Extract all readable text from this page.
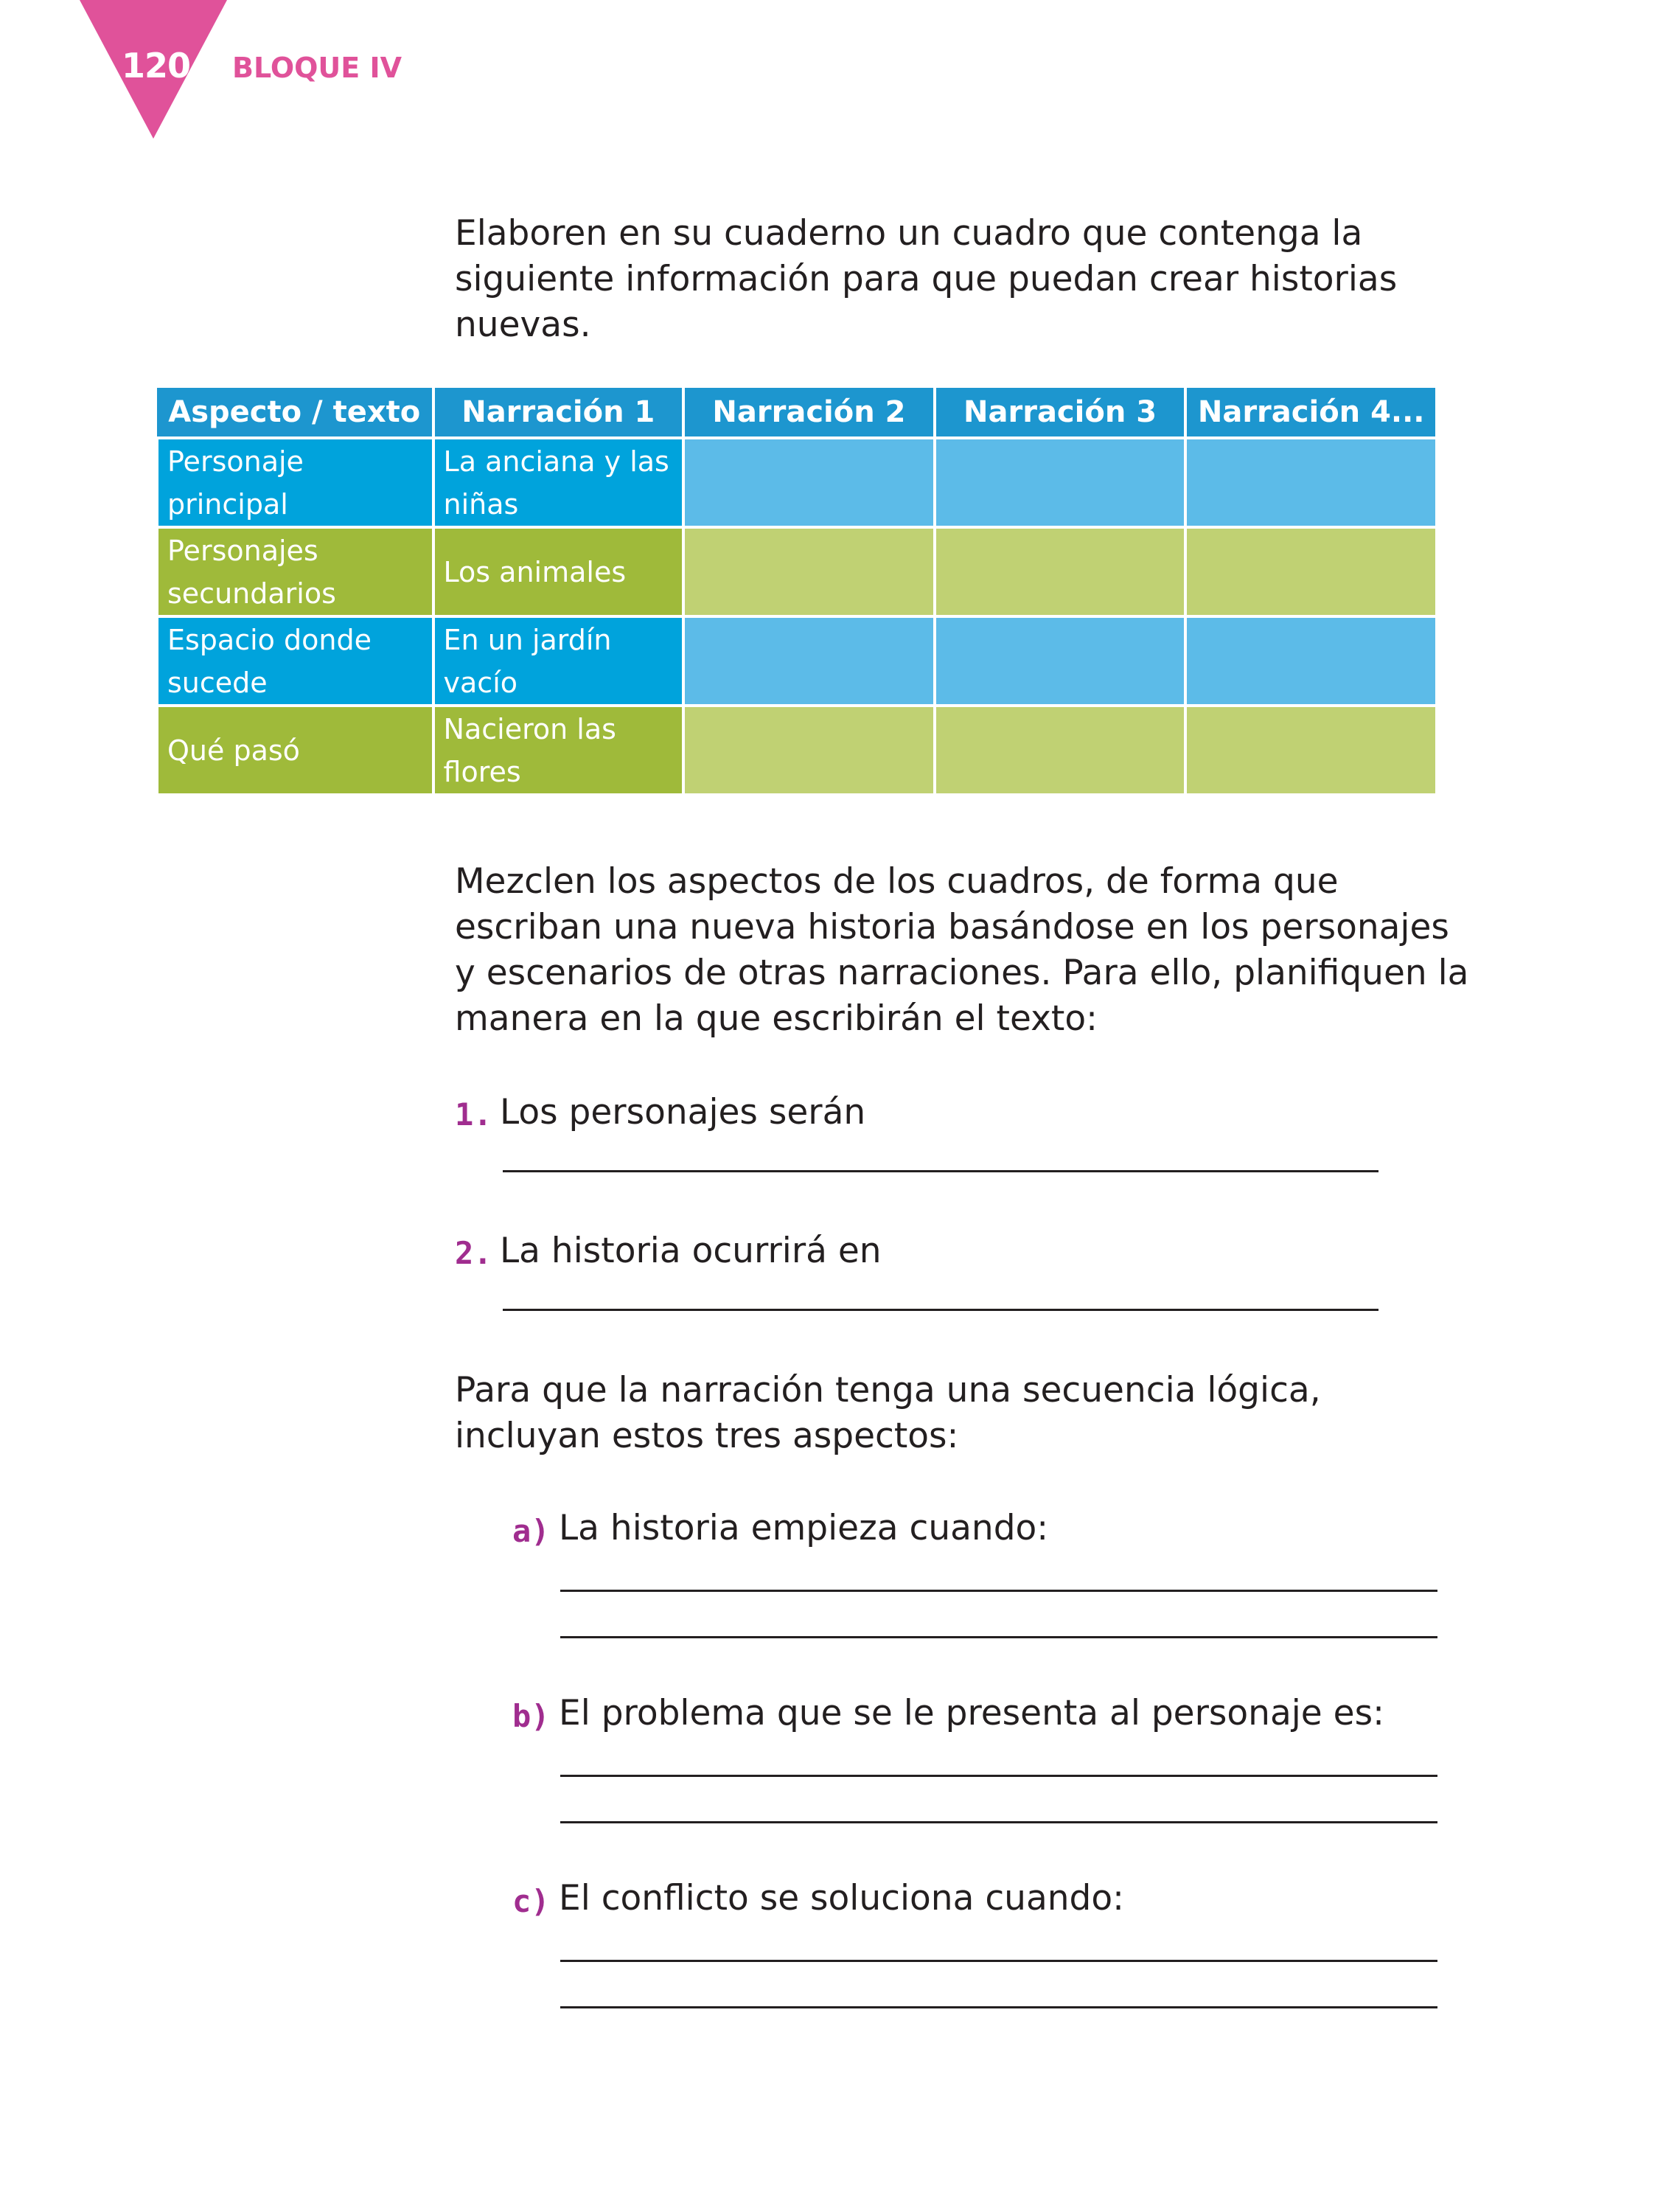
120 BLOQUE IV
Elaboren en su cuaderno un cuadro que contenga la siguiente información para que puedan crear historias nuevas.
Aspecto / texto	Narración 1	Narración 2	Narración 3	Narración 4...
Personaje principal	La anciana y las niñas			
Personajes secundarios	Los animales			
Espacio donde sucede	En un jardín vacío			
Qué pasó	Nacieron las flores			
Mezclen los aspectos de los cuadros, de forma que escriban una nueva historia basándose en los personajes y escenarios de otras narraciones. Para ello, planifiquen la manera en la que escribirán el texto:
1. Los personajes serán
2. La historia ocurrirá en
Para que la narración tenga una secuencia lógica, incluyan estos tres aspectos:
a) La historia empieza cuando:
b) El problema que se le presenta al personaje es:
c) El conflicto se soluciona cuando:
